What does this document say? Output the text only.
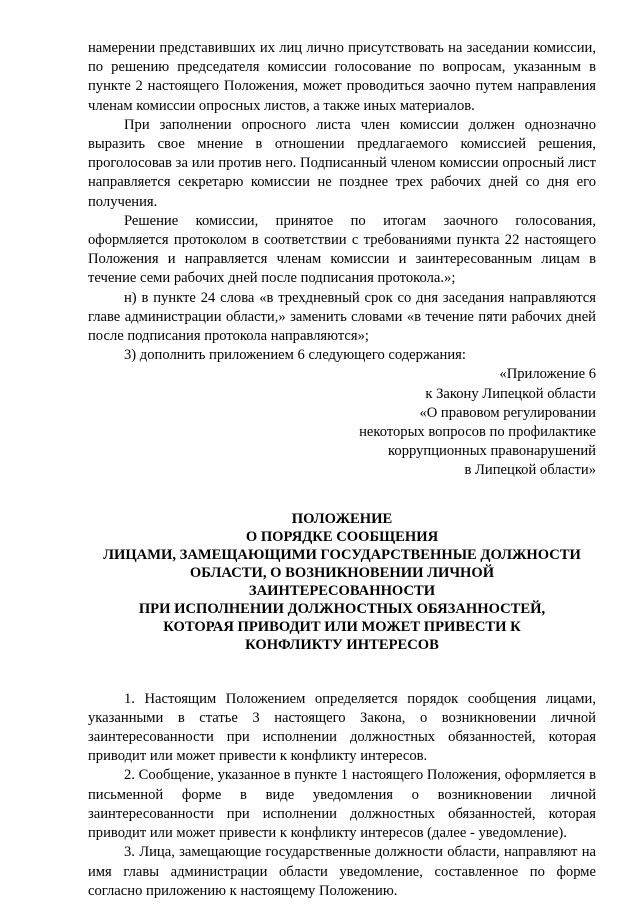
намерении представивших их лиц лично присутствовать на заседании комиссии, по решению председателя комиссии голосование по вопросам, указанным в пункте 2 настоящего Положения, может проводиться заочно путем направления членам комиссии опросных листов, а также иных материалов.

При заполнении опросного листа член комиссии должен однозначно выразить свое мнение в отношении предлагаемого комиссией решения, проголосовав за или против него. Подписанный членом комиссии опросный лист направляется секретарю комиссии не позднее трех рабочих дней со дня его получения.

Решение комиссии, принятое по итогам заочного голосования, оформляется протоколом в соответствии с требованиями пункта 22 настоящего Положения и направляется членам комиссии и заинтересованным лицам в течение семи рабочих дней после подписания протокола.»;

н) в пункте 24 слова «в трехдневный срок со дня заседания направляются главе администрации области,» заменить словами «в течение пяти рабочих дней после подписания протокола направляются»;

3) дополнить приложением 6 следующего содержания:

«Приложение 6
к Закону Липецкой области
«О правовом регулировании
некоторых вопросов по профилактике
коррупционных правонарушений
в Липецкой области»
ПОЛОЖЕНИЕ
О ПОРЯДКЕ СООБЩЕНИЯ
ЛИЦАМИ, ЗАМЕЩАЮЩИМИ ГОСУДАРСТВЕННЫЕ ДОЛЖНОСТИ
ОБЛАСТИ, О ВОЗНИКНОВЕНИИ ЛИЧНОЙ
ЗАИНТЕРЕСОВАННОСТИ
ПРИ ИСПОЛНЕНИИ ДОЛЖНОСТНЫХ ОБЯЗАННОСТЕЙ,
КОТОРАЯ ПРИВОДИТ ИЛИ МОЖЕТ ПРИВЕСТИ К
КОНФЛИКТУ ИНТЕРЕСОВ

1. Настоящим Положением определяется порядок сообщения лицами, указанными в статье 3 настоящего Закона, о возникновении личной заинтересованности при исполнении должностных обязанностей, которая приводит или может привести к конфликту интересов.

2. Сообщение, указанное в пункте 1 настоящего Положения, оформляется в письменной форме в виде уведомления о возникновении личной заинтересованности при исполнении должностных обязанностей, которая приводит или может привести к конфликту интересов (далее - уведомление).

3. Лица, замещающие государственные должности области, направляют на имя главы администрации области уведомление, составленное по форме согласно приложению к настоящему Положению.
